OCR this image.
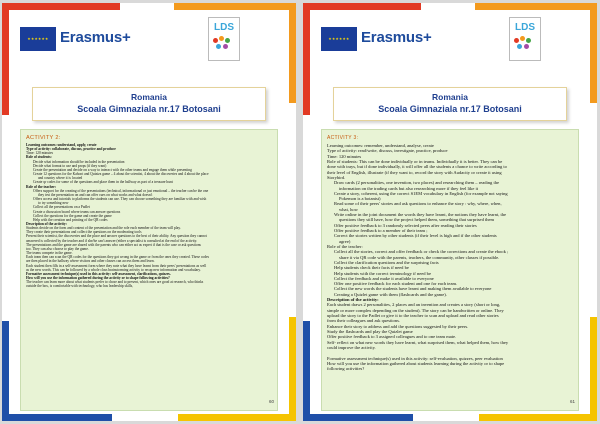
★★★★★★ Erasmus+
LDS
Romania
Scoala Gimnaziala nr.17 Botosani
ACTIVITY 2:
Learning outcomes: understand, apply, create
Type of activity: collaborate, discuss, practice and produce
Time: 120 minutes
Role of students:
Decide what information should be included in the presentation
Decide what format to use and props (if they want)
Create the presentation and decide on a way to interact with the other teams and engage them while presenting
Create 12 questions for the Kahoot and Quizizz game – 4 about the scientist, 4 about the discoveries and 4 about the place
and country where it is located
Create qr codes for some of the questions and place them in the hallway as part of a treasure hunt
Role of the teacher:
Offers support for the creating of the presentations (technical, informational or just emotional – the teacher can be the one
they test the presentation on and can offer cues on what works and what doesn't
Offers access and tutorials to platforms the students can use. They can choose something they are familiar with and wish
to try something new
Collect all the presentations on a Padlet
Create a discussion board where teams can answer questions
Collect the questions for the game and create the game
Help with the creation and printing of the QR codes
Description of the activity:
Students decide on the form and content of the presentation and the role each member of the team will play.
They create their presentations and collect the questions on the moderating tools
Present their scientist, the discoveries and the place and answer questions to the best of their ability. Any question they cannot
answered is collected by the teacher and if she/he can't answer (either a specialist is consulted at the end of the activity.
The presentations and the game are shared with the parents who can either act as expert if that is the case or ask questions
too. They can also choose to play the game.
The teams compete in the game.
Each team then can scan the QR codes for the questions they got wrong in the game or from the ones they created. These codes
are then placed in the hallway where visitors and other classes can access them and learn.
Each student then fills in a self-assessment form where they note what they have learnt from their peers' presentations as well
as the new words. This can be followed by a whole class brainstorming activity to recap new information and vocabulary.
Formative assessment technique(s) used in this activity: self-assessment, clarifications, quizzes.
How will you use the information gathered during the activity or to shape following activities?
The teacher can learn more about what students prefer to chose and to present, which ones are good at research, who thinks
outside the box, is comfortable with technology, who has leadership skills,
60
★★★★★★ Erasmus+
LDS
Romania
Scoala Gimnaziala nr.17 Botosani
ACTIVITY 3:
Learning outcomes: remember, understand, analyse, create
Type of activity: read/write, discuss, investigate, practice, produce
Time: 120 minutes
Role of students: This can be done individually or in teams. Individually it is better. They can be
done with trays, but if done individually, it will offer all the students a chance to write according to
their level of English, illustrate (if they want to, record the story with Audacity or create it using
Storybird.
Draw cards (2 personalities, one invention, two places) and researching them – reading the
information on the trading cards but also researching more if they feel like it
Create a story, coherent, using the correct S1EM vocabulary in English (for example not saying
Pokemon is a botanist)
Read some of their peers' stories and ask questions to enhance the story : why, where, when,
what, how
Write online in the joint document the words they have learnt, the notions they have learnt, the
questions they still have, how the project helped them, something that surprised them
Offer positive feedback to 3 randomly selected peers after reading their stories
Offer positive feedback to a member of their team ;
Correct the stories written by other students (if their level is high and if the other students
agree)
Role of the teacher:
Collect all the stories, correct and offer feedback or check the corrections and create the ebook ;
share it via QR code with the parents, teachers, the community, other classes if possible.
Collect the clarification questions and the surprising facts
Help students check their facts if need be
Help students with the correct terminology if need be
Collect the feedback and make it available to everyone
Offer one positive feedback for each student and one for each team.
Collect the new words the students have learnt and making them available to everyone
Creating a Quizlet game with them (flashcards and the game).
Description of the activity:
Each student draws 2 personalities, 2 places and an invention and creates a story (short or long,
simple or more complex depending on the student). The story can be handwritten or online. They
upload the story to the Padlet or give it to the teacher to scan and upload and read other stories
from their colleagues and ask questions.
Enhance their story to address and add the questions suggested by their peers.
Study the flashcards and play the Quizlet game
Offer positive feedback to 3 assigned colleagues and to one team mate.
Self- reflect on what new words they have learnt, what surprised them, what helped them, how they
could improve the activity.

Formative assessment technique(s) used in this activity: self-evaluation, quizzes, peer evaluation
How will you use the information gathered about students learning during the activity or to shape
following activities?
61
